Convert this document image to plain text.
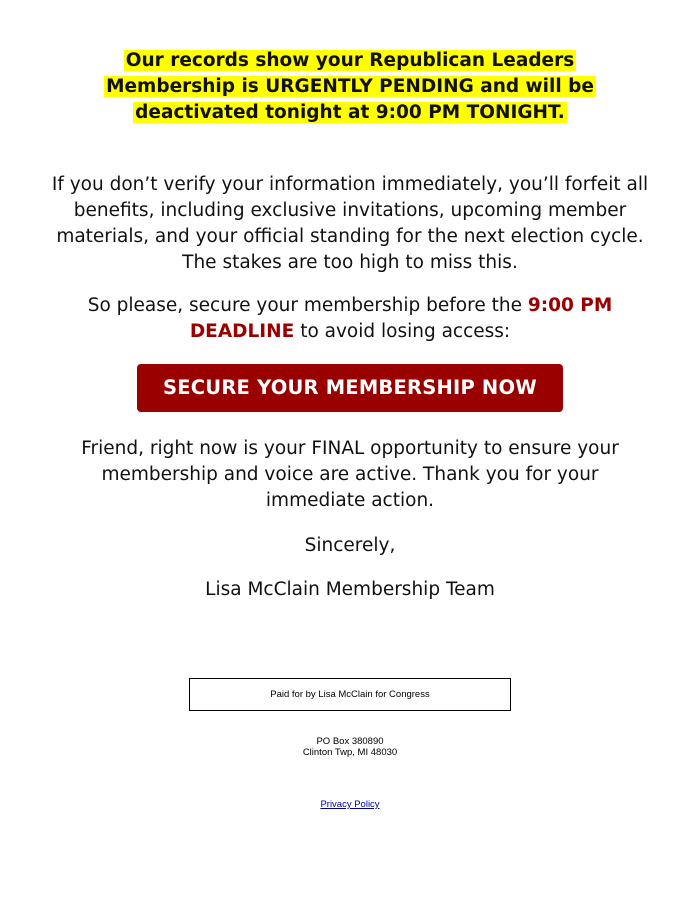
Our records show your Republican Leaders
Membership is URGENTLY PENDING and will be
deactivated tonight at 9:00 PM TONIGHT.
If you don’t verify your information immediately, you’ll forfeit all benefits, including exclusive invitations, upcoming member materials, and your official standing for the next election cycle. The stakes are too high to miss this.
So please, secure your membership before the 9:00 PM DEADLINE to avoid losing access:
SECURE YOUR MEMBERSHIP NOW
Friend, right now is your FINAL opportunity to ensure your membership and voice are active. Thank you for your immediate action.
Sincerely,
Lisa McClain Membership Team
Paid for by Lisa McClain for Congress
PO Box 380890
Clinton Twp, MI 48030
Privacy Policy
